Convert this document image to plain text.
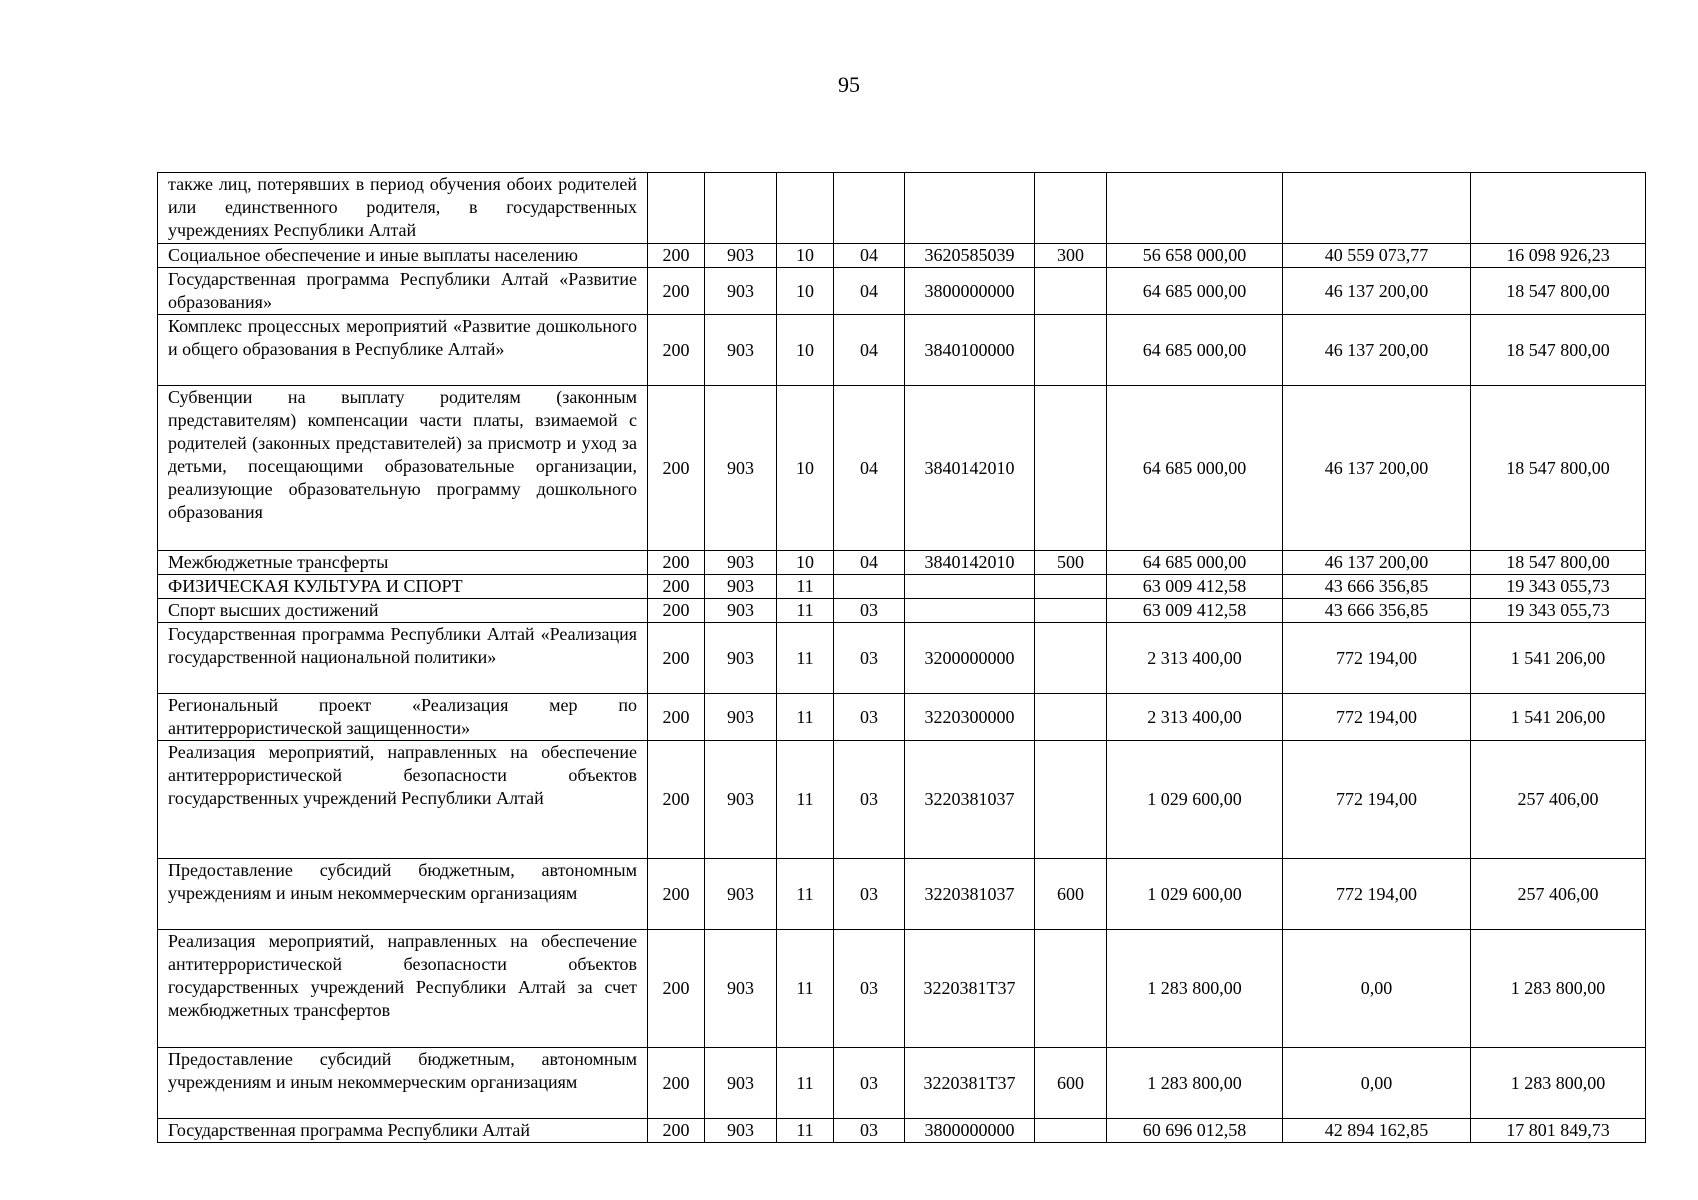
95
также лиц, потерявших в период обучения обоих родителей или единственного родителя, в государственных учреждениях Республики Алтай									
Социальное обеспечение и иные выплаты населению	200	903	10	04	3620585039	300	56 658 000,00	40 559 073,77	16 098 926,23
Государственная программа Республики Алтай «Развитие образования»	200	903	10	04	3800000000		64 685 000,00	46 137 200,00	18 547 800,00
Комплекс процессных мероприятий «Развитие дошкольного и общего образования в Республике Алтай»	200	903	10	04	3840100000		64 685 000,00	46 137 200,00	18 547 800,00
Субвенции на выплату родителям (законным представителям) компенсации части платы, взимаемой с родителей (законных представителей) за присмотр и уход за детьми, посещающими образовательные организации, реализующие образовательную программу дошкольного образования	200	903	10	04	3840142010		64 685 000,00	46 137 200,00	18 547 800,00
Межбюджетные трансферты	200	903	10	04	3840142010	500	64 685 000,00	46 137 200,00	18 547 800,00
ФИЗИЧЕСКАЯ КУЛЬТУРА И СПОРТ	200	903	11				63 009 412,58	43 666 356,85	19 343 055,73
Спорт высших достижений	200	903	11	03			63 009 412,58	43 666 356,85	19 343 055,73
Государственная программа Республики Алтай «Реализация государственной национальной политики»	200	903	11	03	3200000000		2 313 400,00	772 194,00	1 541 206,00
Региональный проект «Реализация мер по антитеррористической защищенности»	200	903	11	03	3220300000		2 313 400,00	772 194,00	1 541 206,00
Реализация мероприятий, направленных на обеспечение антитеррористической безопасности объектов государственных учреждений Республики Алтай	200	903	11	03	3220381037		1 029 600,00	772 194,00	257 406,00
Предоставление субсидий бюджетным, автономным учреждениям и иным некоммерческим организациям	200	903	11	03	3220381037	600	1 029 600,00	772 194,00	257 406,00
Реализация мероприятий, направленных на обеспечение антитеррористической безопасности объектов государственных учреждений Республики Алтай за счет межбюджетных трансфертов	200	903	11	03	3220381Т37		1 283 800,00	0,00	1 283 800,00
Предоставление субсидий бюджетным, автономным учреждениям и иным некоммерческим организациям	200	903	11	03	3220381Т37	600	1 283 800,00	0,00	1 283 800,00
Государственная программа Республики Алтай	200	903	11	03	3800000000		60 696 012,58	42 894 162,85	17 801 849,73
